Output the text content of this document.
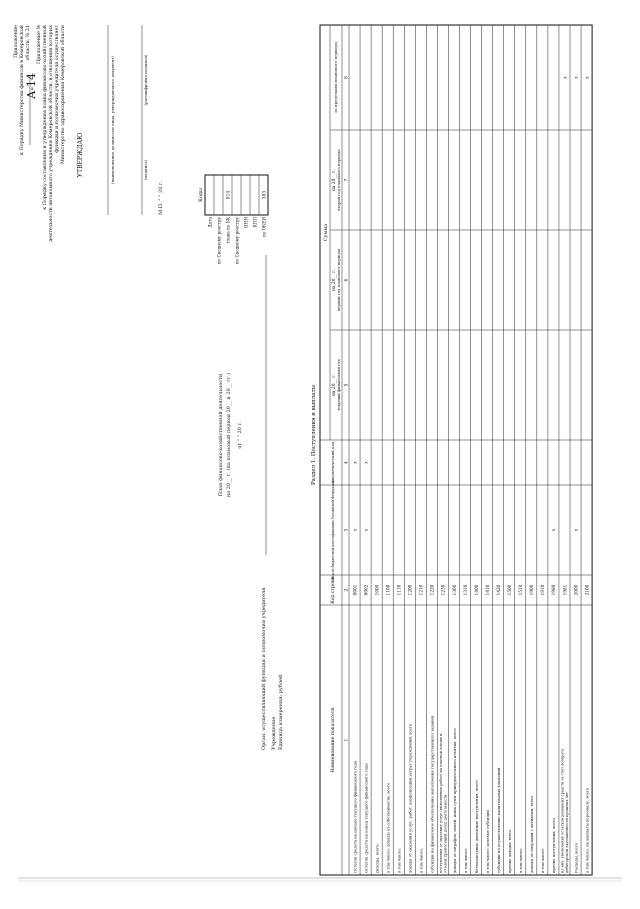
Приложение к Порядку Министерства финансов в Кемеровской области, № 21 Приложение № к Порядку составления и утверждения плана финансово-хозяйственной деятельности автономного учреждения Кемеровской области, в отношении которых функции и полномочия учредителя осуществляет Министерство здравоохранения Кемеровской области
А-14
УТВЕРЖДАЮ	(наименование должности лица, утверждающего документ)	(подпись)
(расшифровка подписи)
М.П. " " 20 г.
План финансово-хозяйственной деятельности на 20__ г. (на плановый период 20__ и 20__ гг.) от " " 20 г.
Орган, осуществляющий функции и полномочия учредителя Учреждение Единица измерения: рублей
Коды
Дата по Сводному реестру глава по БК
814
по Сводному реестру ИНН КПП по ОКЕИ
383
Раздел 1. Поступления и выплаты
Наименование показателя
Код строки
Код по бюджетной классификации Российской Федерации
Аналитический код
Сумма
на 20__ г. текущий финансовый год
на 20__ г. первый год планового периода
на 20__ г. второй год планового периода
за пределами планового периода
1
2
3
4
5
6
7
8
Остаток средств на начало текущего финансового года
0001
x
x
Остаток средств на конец текущего финансового года
0002
x
x
Доходы, всего:
1000
в том числе: доходы от собственности, всего
1100
в том числе:
1110
доходы от оказания услуг, работ, компенсации затрат учреждений, всего
1200
в том числе:
1210
субсидии на финансовое обеспечение выполнения государственного задания
1220
поступления от оказания услуг (выполнения работ) на платной основе и от иной приносящей доход деятельности
1230
доходы от штрафов, пеней, иных сумм принудительного изъятия, всего
1300
в том числе:
1310
безвозмездные денежные поступления, всего
1400
в том числе: целевые субсидии
1410
субсидии на осуществление капитальных вложений
1420
прочие доходы, всего
1500
в том числе:
1510
доходы от операций с активами, всего
1900
в том числе:
1910
прочие поступления, всего
1980
x
из них: увеличение остатков денежных средств за счет возврата дебиторской задолженности прошлых лет
1981
x
Расходы, всего
2000
x
x
в том числе: на выплаты персоналу, всего
2100
x
